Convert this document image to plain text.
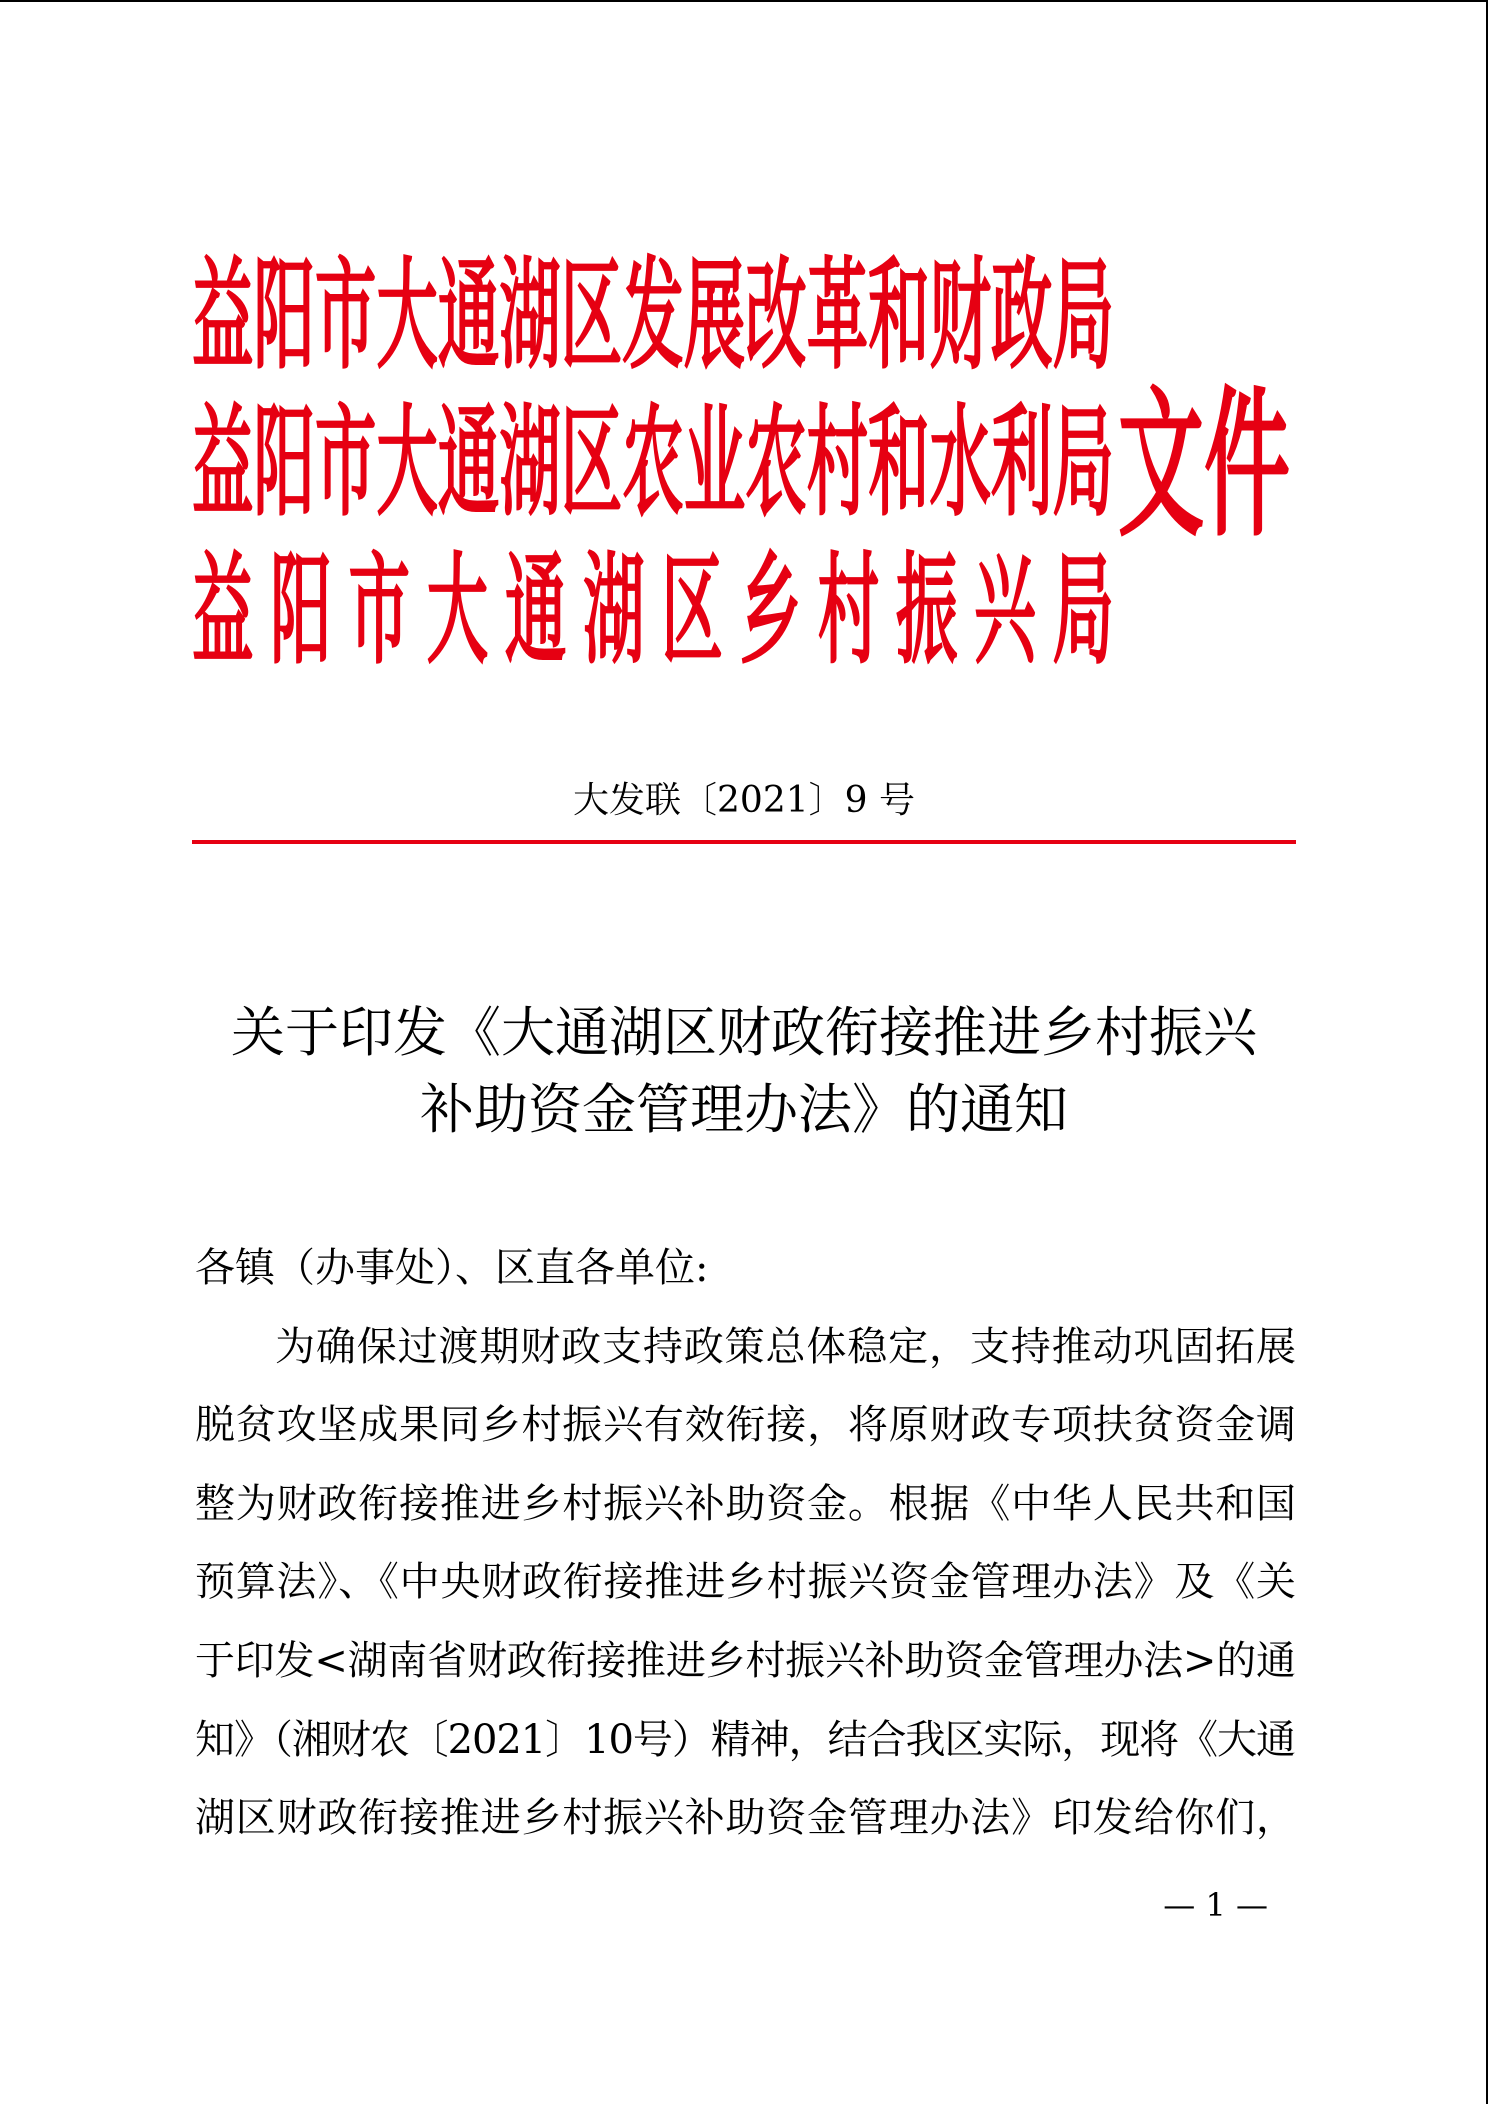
益阳市大通湖区发展改革和财政局
益阳市大通湖区农业农村和水利局
益阳市大通湖区乡村振兴局
文件
大发联〔2021〕9 号
关于印发《大通湖区财政衔接推进乡村振兴
补助资金管理办法》的通知
各镇（办事处）、区直各单位:
为确保过渡期财政支持政策总体稳定，支持推动巩固拓展
脱贫攻坚成果同乡村振兴有效衔接，将原财政专项扶贫资金调
整为财政衔接推进乡村振兴补助资金。根据《中华人民共和国
预算法》、《中央财政衔接推进乡村振兴资金管理办法》及《关
于印发<湖南省财政衔接推进乡村振兴补助资金管理办法>的通
知》（湘财农〔2021〕10号）精神，结合我区实际，现将《大通
湖区财政衔接推进乡村振兴补助资金管理办法》印发给你们，
— 1 —
